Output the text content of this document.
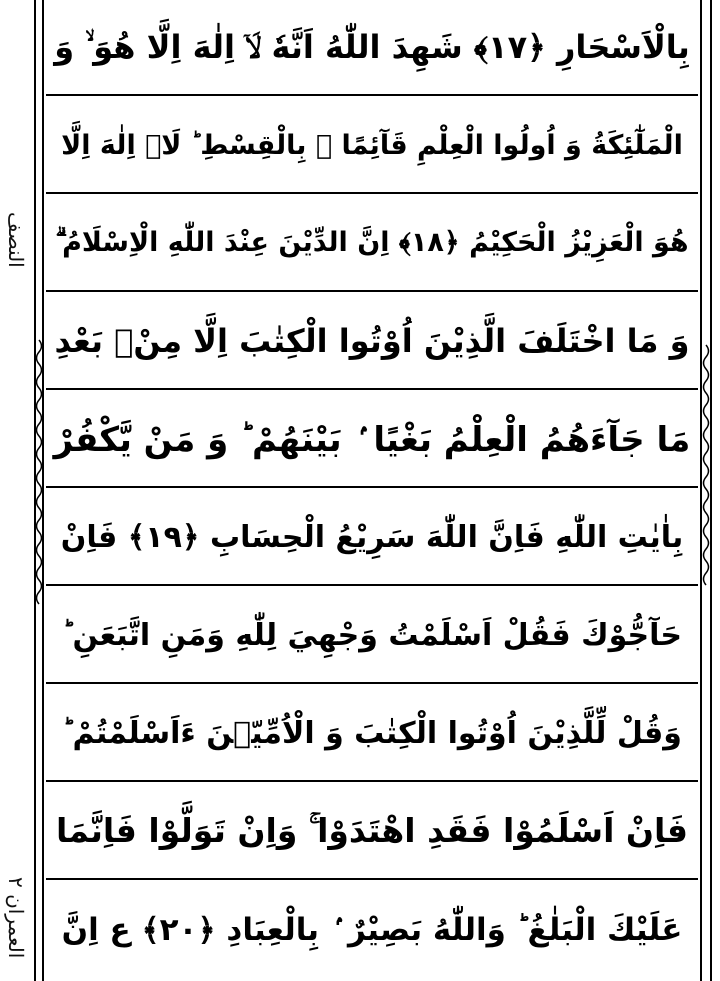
النصف
العمران ٢
بِالْاَسْحَارِ ﴿١٧﴾ شَهِدَ اللّٰهُ اَنَّهٗ لَاۤ اِلٰهَ اِلَّا هُوَ ۙ وَ
الْمَلٰٓئِكَةُ وَ اُولُوا الْعِلْمِ قَآئِمًا ۢ بِالْقِسْطِ ؕ لَاۤ اِلٰهَ اِلَّا
هُوَ الْعَزِيْزُ الْحَكِيْمُ ﴿١٨﴾ اِنَّ الدِّيْنَ عِنْدَ اللّٰهِ الْاِسْلَامُ ۗ
وَ مَا اخْتَلَفَ الَّذِيْنَ اُوْتُوا الْكِتٰبَ اِلَّا مِنْۢ بَعْدِ
مَا جَآءَهُمُ الْعِلْمُ بَغْيًا ۢ بَيْنَهُمْ ؕ وَ مَنْ يَّكْفُرْ
بِاٰيٰتِ اللّٰهِ فَاِنَّ اللّٰهَ سَرِيْعُ الْحِسَابِ ﴿١٩﴾ فَاِنْ
حَآجُّوْكَ فَقُلْ اَسْلَمْتُ وَجْهِيَ لِلّٰهِ وَمَنِ اتَّبَعَنِ ؕ
وَقُلْ لِّلَّذِيْنَ اُوْتُوا الْكِتٰبَ وَ الْاُمِّيّٖنَ ءَاَسْلَمْتُمْ ؕ
فَاِنْ اَسْلَمُوْا فَقَدِ اهْتَدَوْا ۚ وَاِنْ تَوَلَّوْا فَاِنَّمَا
عَلَيْكَ الْبَلٰغُ ؕ وَاللّٰهُ بَصِيْرٌ ۢ بِالْعِبَادِ ﴿٢٠﴾ ع اِنَّ
